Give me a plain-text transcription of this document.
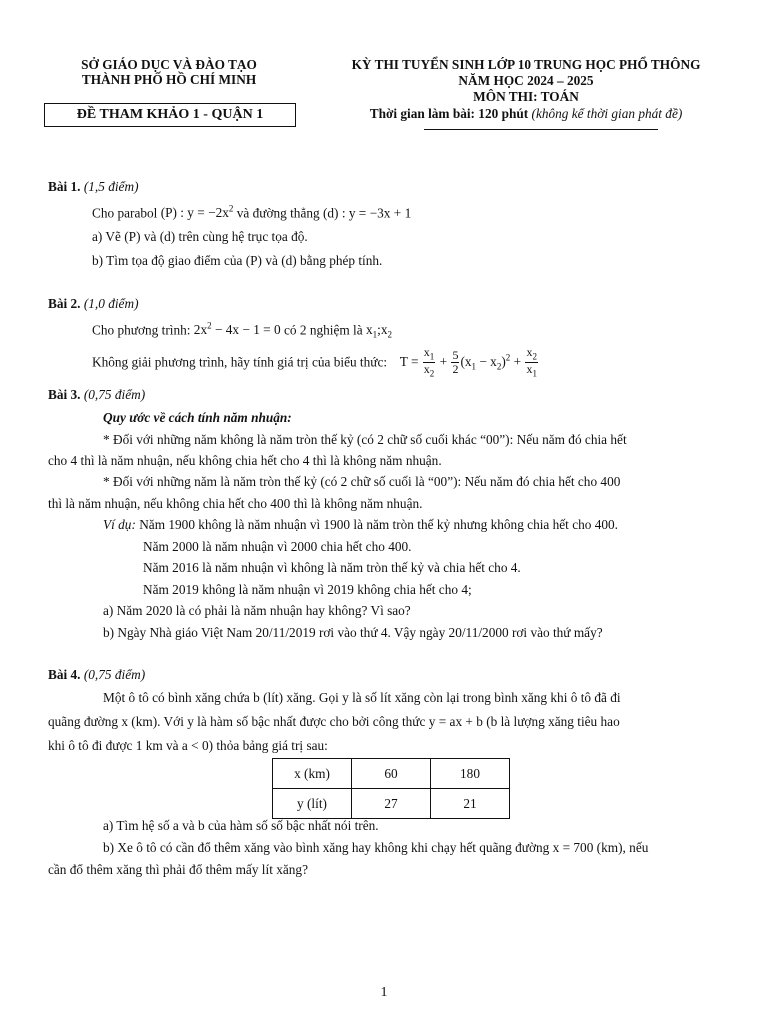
SỞ GIÁO DỤC VÀ ĐÀO TẠO
THÀNH PHỐ HỒ CHÍ MINH
ĐỀ THAM KHẢO 1 - QUẬN 1
KỲ THI TUYỂN SINH LỚP 10 TRUNG HỌC PHỔ THÔNG
NĂM HỌC 2024 – 2025
MÔN THI: TOÁN
Thời gian làm bài: 120 phút (không kể thời gian phát đề)
Bài 1. (1,5 điểm)
Cho parabol (P) : $y = -2x^2$ và đường thẳng (d) : y = −3x + 1
a) Vẽ (P) và (d) trên cùng hệ trục tọa độ.
b) Tìm tọa độ giao điểm của (P) và (d) bằng phép tính.
Bài 2. (1,0 điểm)
Cho phương trình: $2x^2 - 4x - 1 = 0$ có 2 nghiệm là $x_1;x_2$
Không giải phương trình, hãy tính giá trị của biểu thức: $T = \frac{x_1}{x_2} + \frac{5}{2} (x_1 - x_2)^2 + \frac{x_2}{x_1}$
Bài 3. (0,75 điểm)
Quy ước về cách tính năm nhuận:
* Đối với những năm không là năm tròn thế kỷ (có 2 chữ số cuối khác “00”): Nếu năm đó chia hết
cho 4 thì là năm nhuận, nếu không chia hết cho 4 thì là không năm nhuận.
* Đối với những năm là năm tròn thế kỷ (có 2 chữ số cuối là “00”): Nếu năm đó chia hết cho 400
thì là năm nhuận, nếu không chia hết cho 400 thì là không năm nhuận.
Ví dụ: Năm 1900 không là năm nhuận vì 1900 là năm tròn thế kỷ nhưng không chia hết cho 400.
Năm 2000 là năm nhuận vì 2000 chia hết cho 400.
Năm 2016 là năm nhuận vì không là năm tròn thế kỷ và chia hết cho 4.
Năm 2019 không là năm nhuận vì 2019 không chia hết cho 4;
a) Năm 2020 là có phải là năm nhuận hay không? Vì sao?
b) Ngày Nhà giáo Việt Nam 20/11/2019 rơi vào thứ 4. Vậy ngày 20/11/2000 rơi vào thứ mấy?
Bài 4. (0,75 điểm)
Một ô tô có bình xăng chứa b (lít) xăng. Gọi y là số lít xăng còn lại trong bình xăng khi ô tô đã đi
quãng đường x (km). Với y là hàm số bậc nhất được cho bởi công thức y = ax + b (b là lượng xăng tiêu hao
khi ô tô đi được 1 km và a < 0) thỏa bảng giá trị sau:
x (km)	60	180
y (lít)	27	21
a) Tìm hệ số a và b của hàm số số bậc nhất nói trên.
b) Xe ô tô có cần đổ thêm xăng vào bình xăng hay không khi chạy hết quãng đường x = 700 (km), nếu
cần đổ thêm xăng thì phải đổ thêm mấy lít xăng?
1
